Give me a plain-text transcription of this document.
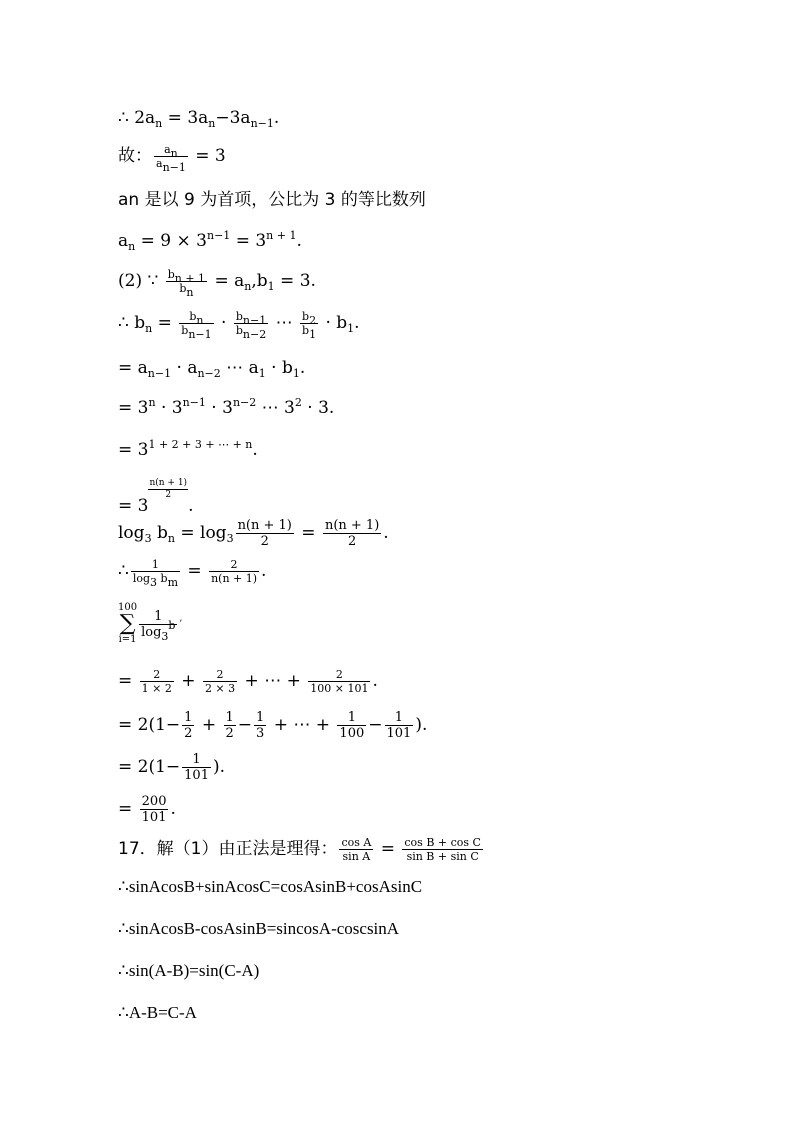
∴ $2a_n = 3a_n-3a_{n-1}$.
故： $\frac{a_n}{a_{n-1}} = 3$
an 是以 9 为首项，公比为 3 的等比数列
$a_n = 9 \times 3^{n-1} = 3^{n + 1}$.
(2) ∵ $\frac{b_{n + 1}}{b_n} = a_n,b_1 = 3$.
∴ $b_n = \frac{b_n}{b_{n-1}} \cdot \frac{b_{n-1}}{b_{n-2}}$ ⋯ $\frac{b_2}{b_1} \cdot b_1$.
= $a_{n-1} \cdot a_{n-2}$ ⋯ $a_1 \cdot b_1$.
= $3^n \cdot 3^{n-1} \cdot 3^{n-2}$ ⋯ $3^2 \cdot 3$.
= $3^{1 + 2 + 3 + \cdots + n}$.
= 3
$\frac{n(n + 1)}{2}$
.
$\log_3 b_n = \log_3 \frac{n(n + 1)}{2} = \frac{n(n + 1)}{2}$ .
∴ $\frac{1}{\log_3 b_m} = \frac{2}{n(n + 1)}$ .
100
∑
$i=1 \frac{1}{\log_3^b} ^,$
= $\frac{2}{1 \times 2} + \frac{2}{2 \times 3}$ + ⋯ + $\frac{2}{100 \times 101}$ .
= $2(1- \frac{1}{2} + \frac{1}{2} - \frac{1}{3}$ + ⋯ + $\frac{1}{100} - \frac{1}{101}$ ).
= $2(1- \frac{1}{101}$ ).
= $\frac{200}{101}$ .
17．解（1）由正法是理得： $\frac{\text{cos A}}{\text{sin A}} = \frac{\text{cos B + cos C}}{\text{sin B + sin C}}$
∴sinAcosB+sinAcosC=cosAsinB+cosAsinC
∴sinAcosB-cosAsinB=sincosA-coscsinA
∴sin(A-B)=sin(C-A)
∴A-B=C-A
